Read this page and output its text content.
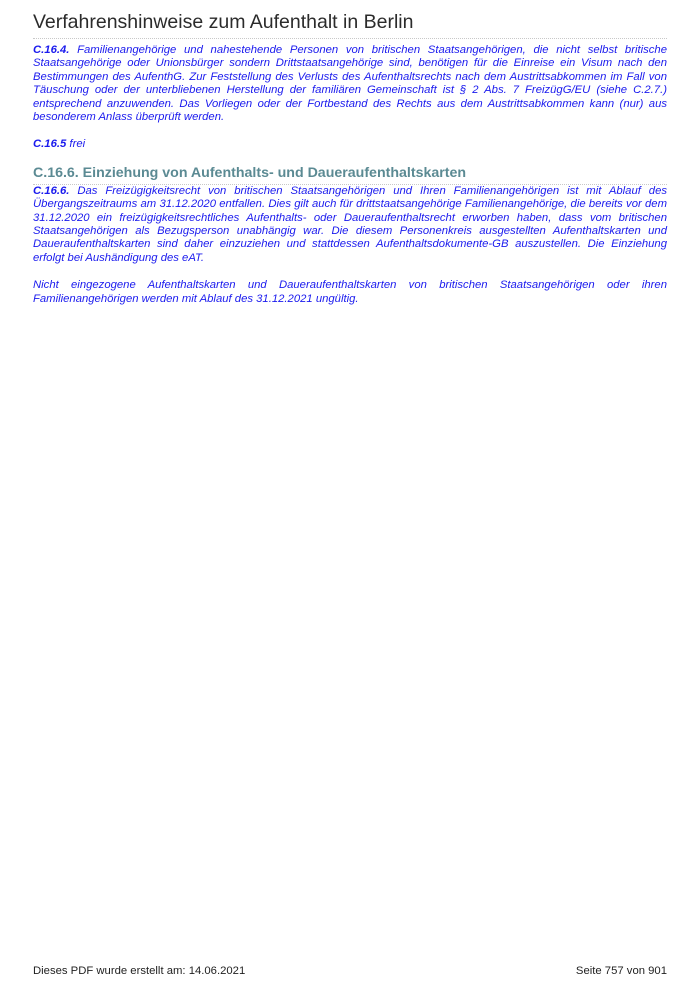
Verfahrenshinweise zum Aufenthalt in Berlin

C.16.4. Familienangehörige und nahestehende Personen von britischen Staatsangehörigen, die nicht selbst britische Staatsangehörige oder Unionsbürger sondern Drittstaatsangehörige sind, benötigen für die Einreise ein Visum nach den Bestimmungen des AufenthG. Zur Feststellung des Verlusts des Aufenthaltsrechts nach dem Austrittsabkommen im Fall von Täuschung oder der unterbliebenen Herstellung der familiären Gemeinschaft ist § 2 Abs. 7 FreizügG/EU (siehe C.2.7.) entsprechend anzuwenden. Das Vorliegen oder der Fortbestand des Rechts aus dem Austrittsabkommen kann (nur) aus besonderem Anlass überprüft werden.

C.16.5 frei

C.16.6. Einziehung von Aufenthalts- und Daueraufenthaltskarten

C.16.6. Das Freizügigkeitsrecht von britischen Staatsangehörigen und Ihren Familienangehörigen ist mit Ablauf des Übergangszeitraums am 31.12.2020 entfallen. Dies gilt auch für drittstaatsangehörige Familienangehörige, die bereits vor dem 31.12.2020 ein freizügigkeitsrechtliches Aufenthalts- oder Daueraufenthaltsrecht erworben haben, dass vom britischen Staatsangehörigen als Bezugsperson unabhängig war. Die diesem Personenkreis ausgestellten Aufenthaltskarten und Daueraufenthaltskarten sind daher einzuziehen und stattdessen Aufenthaltsdokumente-GB auszustellen. Die Einziehung erfolgt bei Aushändigung des eAT.

Nicht eingezogene Aufenthaltskarten und Daueraufenthaltskarten von britischen Staatsangehörigen oder ihren Familienangehörigen werden mit Ablauf des 31.12.2021 ungültig.

Dieses PDF wurde erstellt am: 14.06.2021	Seite 757 von 901
